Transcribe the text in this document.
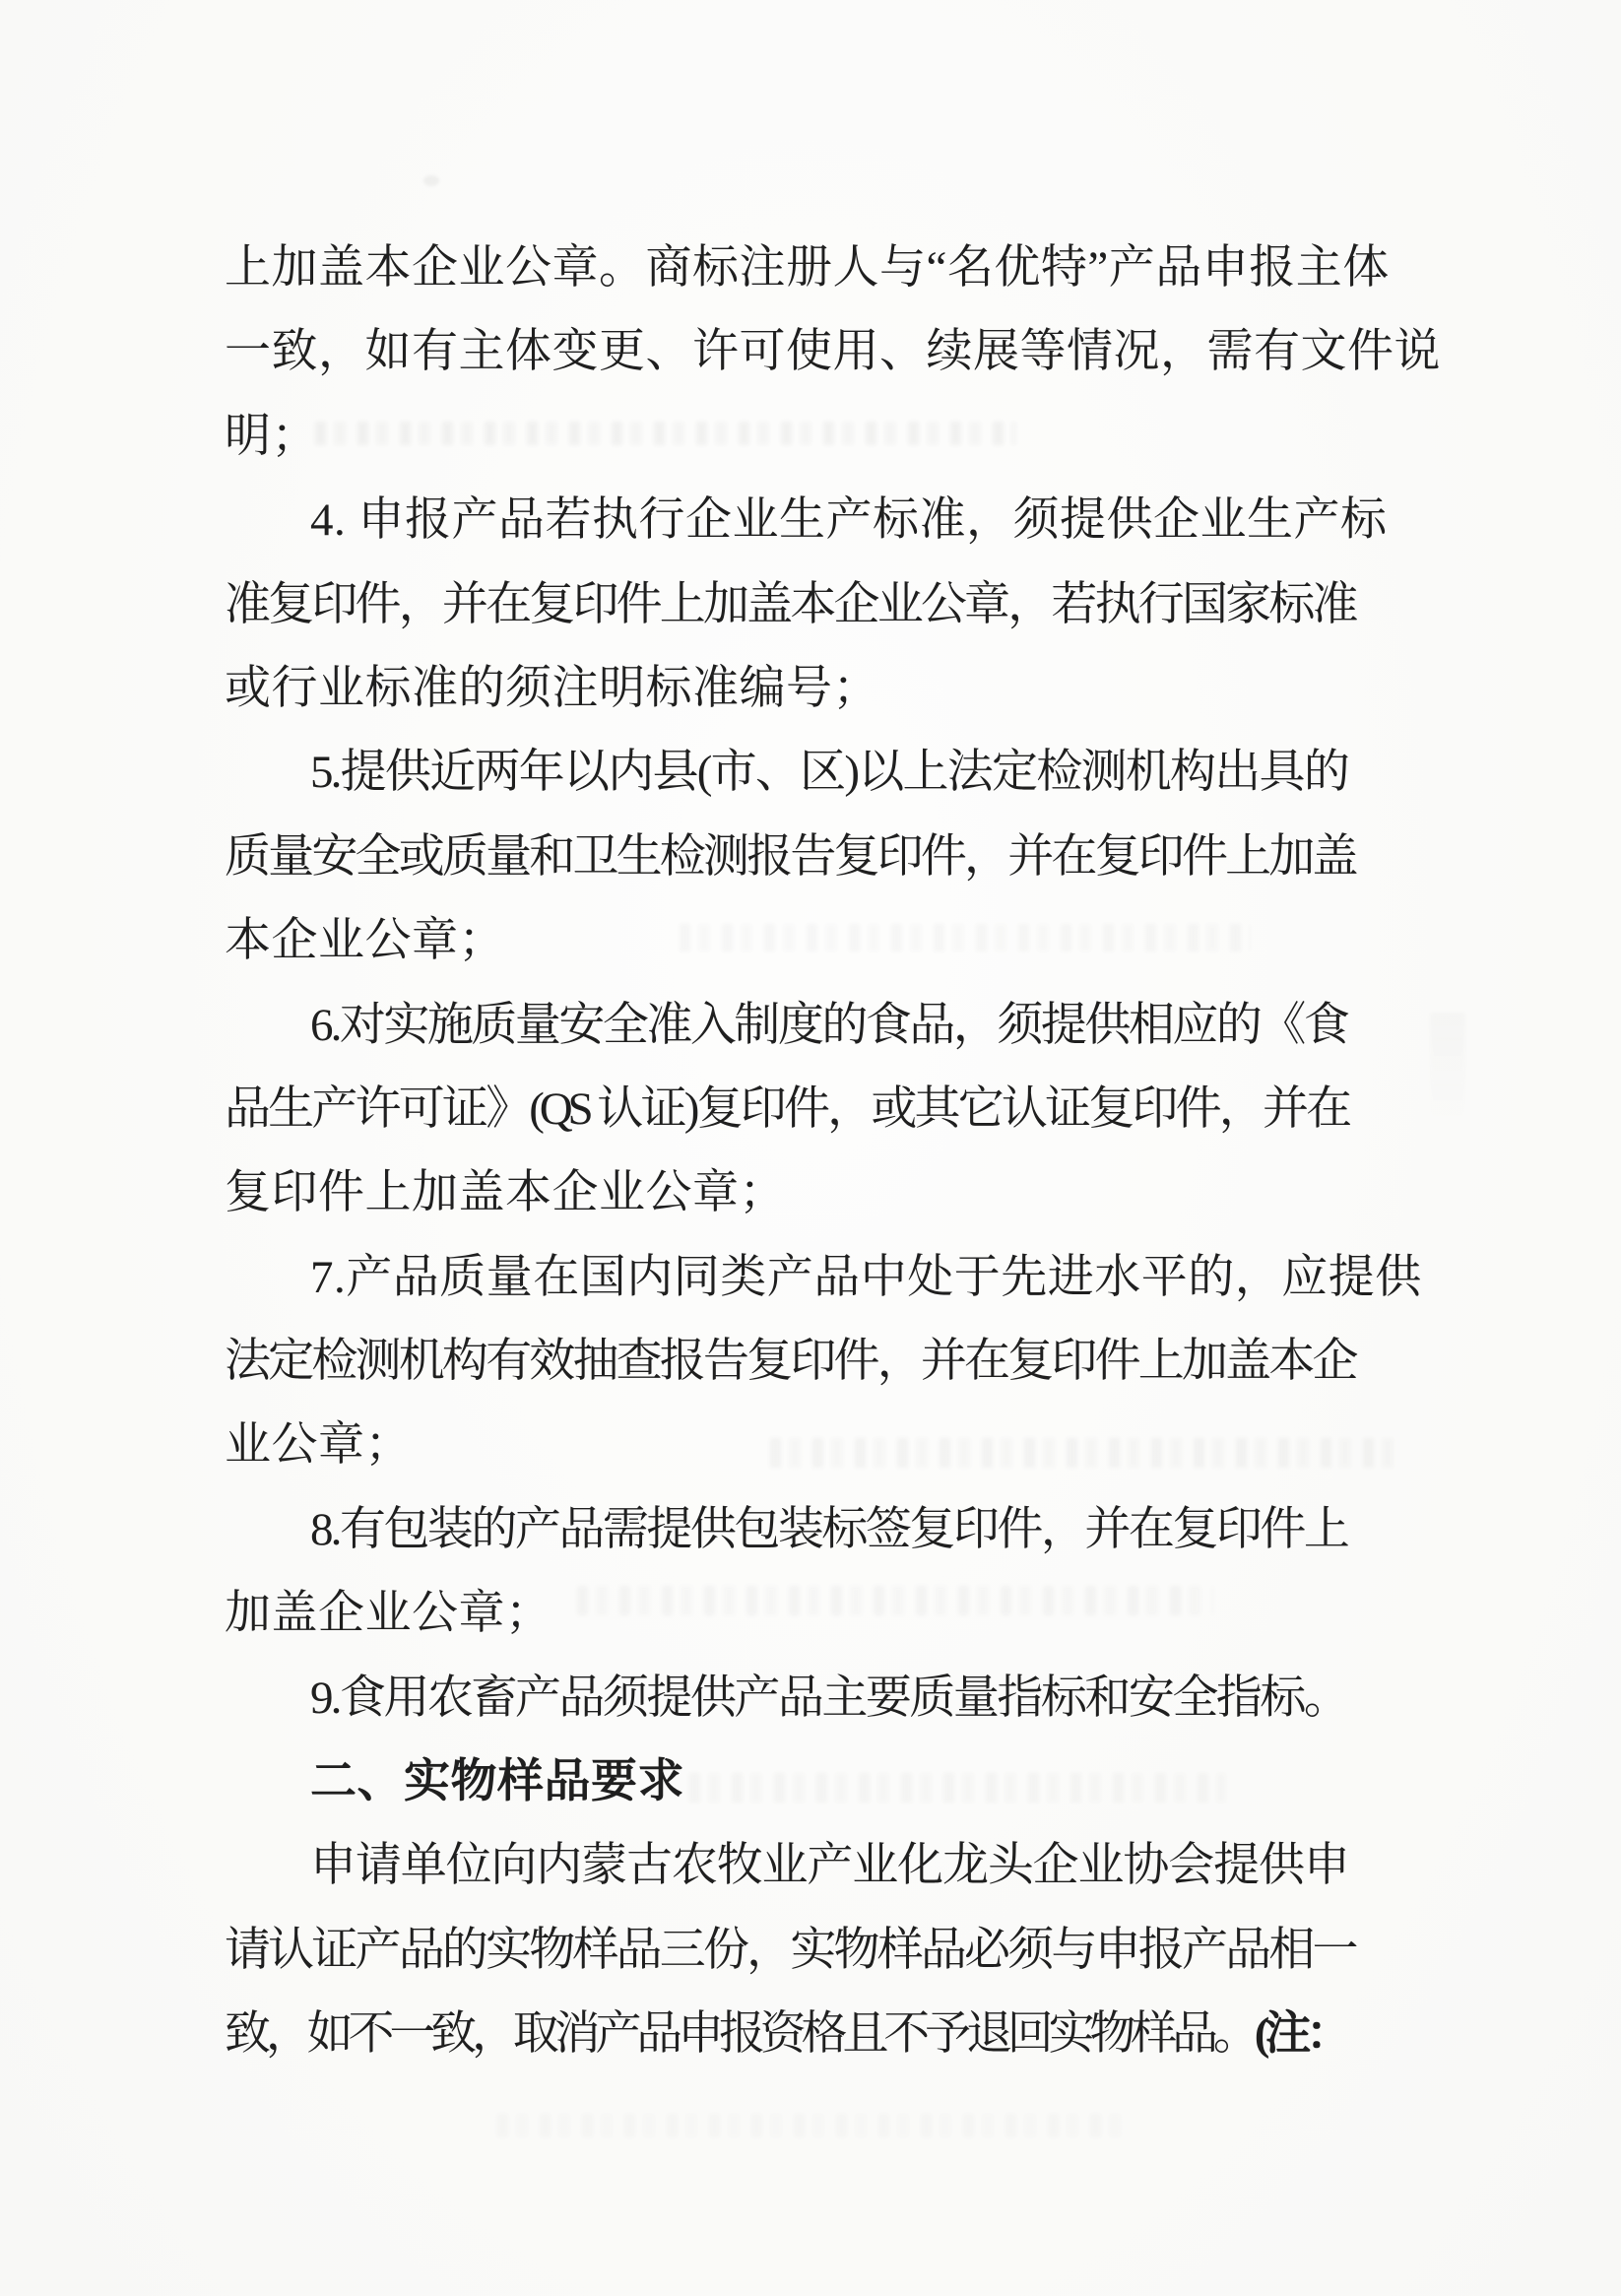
上加盖本企业公章。商标注册人与“名优特”产品申报主体
一致，如有主体变更、许可使用、续展等情况，需有文件说
明；
4. 申报产品若执行企业生产标准，须提供企业生产标
准复印件，并在复印件上加盖本企业公章，若执行国家标准
或行业标准的须注明标准编号；
5.提供近两年以内县(市、区)以上法定检测机构出具的
质量安全或质量和卫生检测报告复印件，并在复印件上加盖
本企业公章；
6.对实施质量安全准入制度的食品，须提供相应的《食
品生产许可证》(QS 认证)复印件，或其它认证复印件，并在
复印件上加盖本企业公章；
7.产品质量在国内同类产品中处于先进水平的，应提供
法定检测机构有效抽查报告复印件，并在复印件上加盖本企
业公章；
8.有包装的产品需提供包装标签复印件，并在复印件上
加盖企业公章；
9.食用农畜产品须提供产品主要质量指标和安全指标。
二、实物样品要求
申请单位向内蒙古农牧业产业化龙头企业协会提供申
请认证产品的实物样品三份，实物样品必须与申报产品相一
致，如不一致，取消产品申报资格且不予退回实物样品。(注：
